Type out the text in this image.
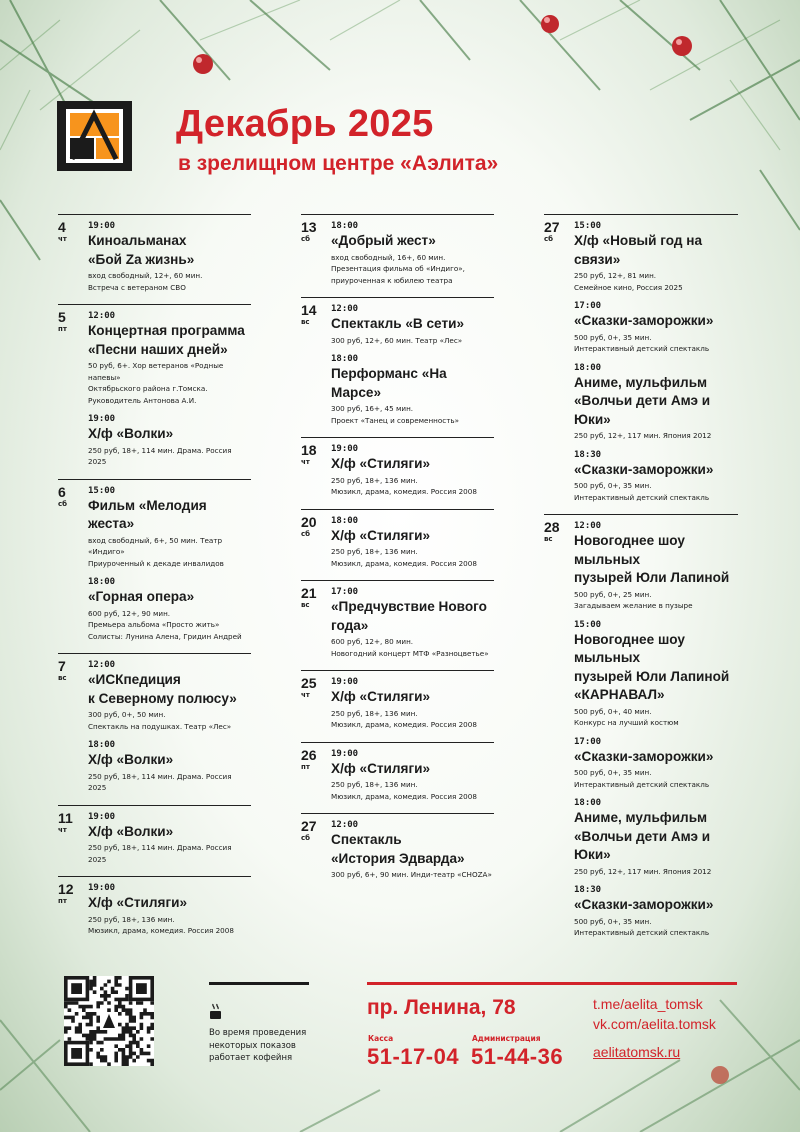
Декабрь 2025
в зрелищном центре «Аэлита»
4
чт
19:00
Киноальманах
«Бой Zа жизнь»
вход свободный, 12+, 60 мин.
Встреча с ветераном СВО
5
пт
12:00
Концертная программа
«Песни наших дней»
50 руб, 6+. Хор ветеранов «Родные напевы»
Октябрьского района г.Томска.
Руководитель Антонова А.И.
19:00
Х/ф «Волки»
250 руб, 18+, 114 мин. Драма. Россия 2025
6
сб
15:00
Фильм «Мелодия жеста»
вход свободный, 6+, 50 мин. Театр «Индиго»
Приуроченный к декаде инвалидов
18:00
«Горная опера»
600 руб, 12+, 90 мин.
Премьера альбома «Просто жить»
Солисты: Лунина Алена, Гридин Андрей
7
вс
12:00
«ИСКпедиция
к Северному полюсу»
300 руб, 0+, 50 мин.
Спектакль на подушках. Театр «Лес»
18:00
Х/ф «Волки»
250 руб, 18+, 114 мин. Драма. Россия 2025
11
чт
19:00
Х/ф «Волки»
250 руб, 18+, 114 мин. Драма. Россия 2025
12
пт
19:00
Х/ф «Стиляги»
250 руб, 18+, 136 мин.
Мюзикл, драма, комедия. Россия 2008
13
сб
18:00
«Добрый жест»
вход свободный, 16+, 60 мин.
Презентация фильма об «Индиго»,
приуроченная к юбилею театра
14
вс
12:00
Спектакль «В сети»
300 руб, 12+, 60 мин. Театр «Лес»
18:00
Перформанс «На Марсе»
300 руб, 16+, 45 мин.
Проект «Танец и современность»
18
чт
19:00
Х/ф «Стиляги»
250 руб, 18+, 136 мин.
Мюзикл, драма, комедия. Россия 2008
20
сб
18:00
Х/ф «Стиляги»
250 руб, 18+, 136 мин.
Мюзикл, драма, комедия. Россия 2008
21
вс
17:00
«Предчувствие Нового года»
600 руб, 12+, 80 мин.
Новогодний концерт МТФ «Разноцветье»
25
чт
19:00
Х/ф «Стиляги»
250 руб, 18+, 136 мин.
Мюзикл, драма, комедия. Россия 2008
26
пт
19:00
Х/ф «Стиляги»
250 руб, 18+, 136 мин.
Мюзикл, драма, комедия. Россия 2008
27
сб
12:00
Спектакль
«История Эдварда»
300 руб, 6+, 90 мин. Инди-театр «CHOZA»
27
сб
15:00
Х/ф «Новый год на связи»
250 руб, 12+, 81 мин.
Семейное кино, Россия 2025
17:00
«Сказки-заморожки»
500 руб, 0+, 35 мин.
Интерактивный детский спектакль
18:00
Аниме, мульфильм
«Волчьи дети Амэ и Юки»
250 руб, 12+, 117 мин. Япония 2012
18:30
«Сказки-заморожки»
500 руб, 0+, 35 мин.
Интерактивный детский спектакль
28
вс
12:00
Новогоднее шоу мыльных
пузырей Юли Лапиной
500 руб, 0+, 25 мин.
Загадываем желание в пузыре
15:00
Новогоднее шоу мыльных
пузырей Юли Лапиной
«КАРНАВАЛ»
500 руб, 0+, 40 мин.
Конкурс на лучший костюм
17:00
«Сказки-заморожки»
500 руб, 0+, 35 мин.
Интерактивный детский спектакль
18:00
Аниме, мульфильм
«Волчьи дети Амэ и Юки»
250 руб, 12+, 117 мин. Япония 2012
18:30
«Сказки-заморожки»
500 руб, 0+, 35 мин.
Интерактивный детский спектакль
Во время проведения
некоторых показов
работает кофейня
пр. Ленина, 78
Касса
51-17-04
Администрация
51-44-36
t.me/aelita_tomsk
vk.com/aelita.tomsk
aelitatomsk.ru
